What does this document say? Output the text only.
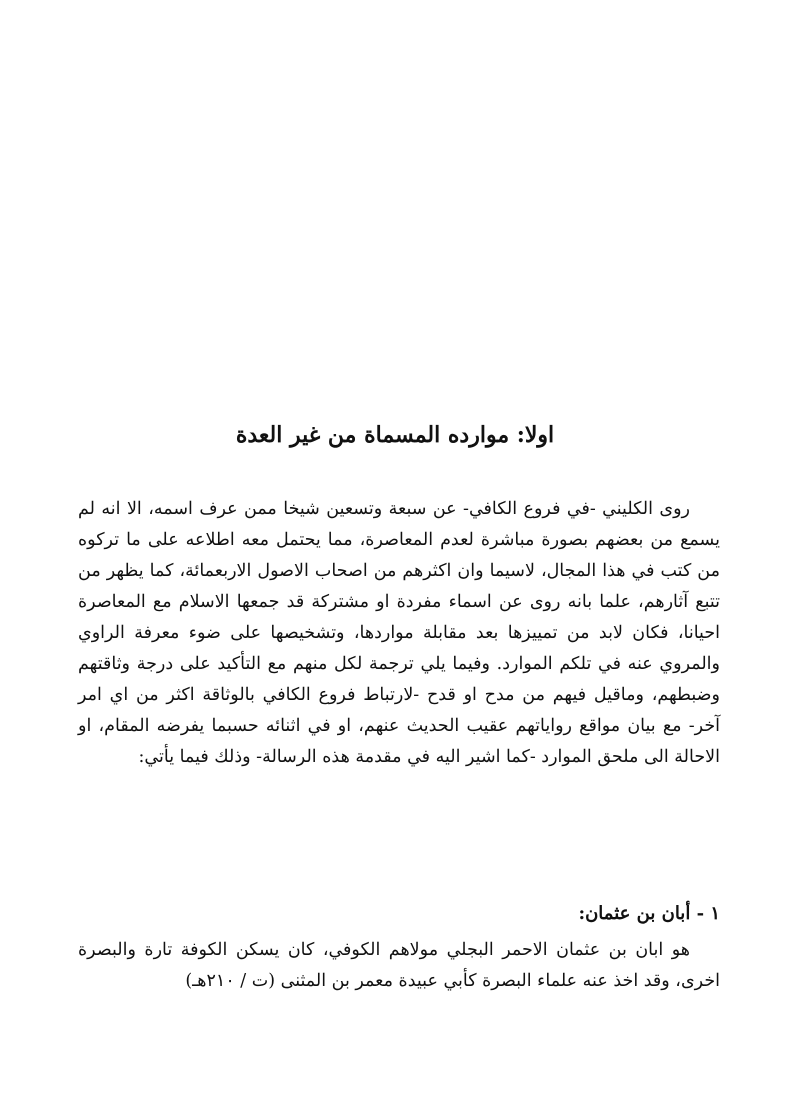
اولا: موارده المسماة من غير العدة

روى الكليني -في فروع الكافي- عن سبعة وتسعين شيخا ممن عرف اسمه، الا انه لم يسمع من بعضهم بصورة مباشرة لعدم المعاصرة، مما يحتمل معه اطلاعه على ما تركوه من كتب في هذا المجال، لاسيما وان اكثرهم من اصحاب الاصول الاربعمائة، كما يظهر من تتبع آثارهم، علما بانه روى عن اسماء مفردة او مشتركة قد جمعها الاسلام مع المعاصرة احيانا، فكان لابد من تمييزها بعد مقابلة مواردها، وتشخيصها على ضوء معرفة الراوي والمروي عنه في تلكم الموارد. وفيما يلي ترجمة لكل منهم مع التأكيد على درجة وثاقتهم وضبطهم، وماقيل فيهم من مدح او قدح -لارتباط فروع الكافي بالوثاقة اكثر من اي امر آخر- مع بيان مواقع رواياتهم عقيب الحديث عنهم، او في اثنائه حسبما يفرضه المقام، او الاحالة الى ملحق الموارد -كما اشير اليه في مقدمة هذه الرسالة- وذلك فيما يأتي:

١ - أبان بن عثمان:

هو ابان بن عثمان الاحمر البجلي مولاهم الكوفي، كان يسكن الكوفة تارة والبصرة اخرى، وقد اخذ عنه علماء البصرة كأبي عبيدة معمر بن المثنى (ت / ٢١٠هـ)
